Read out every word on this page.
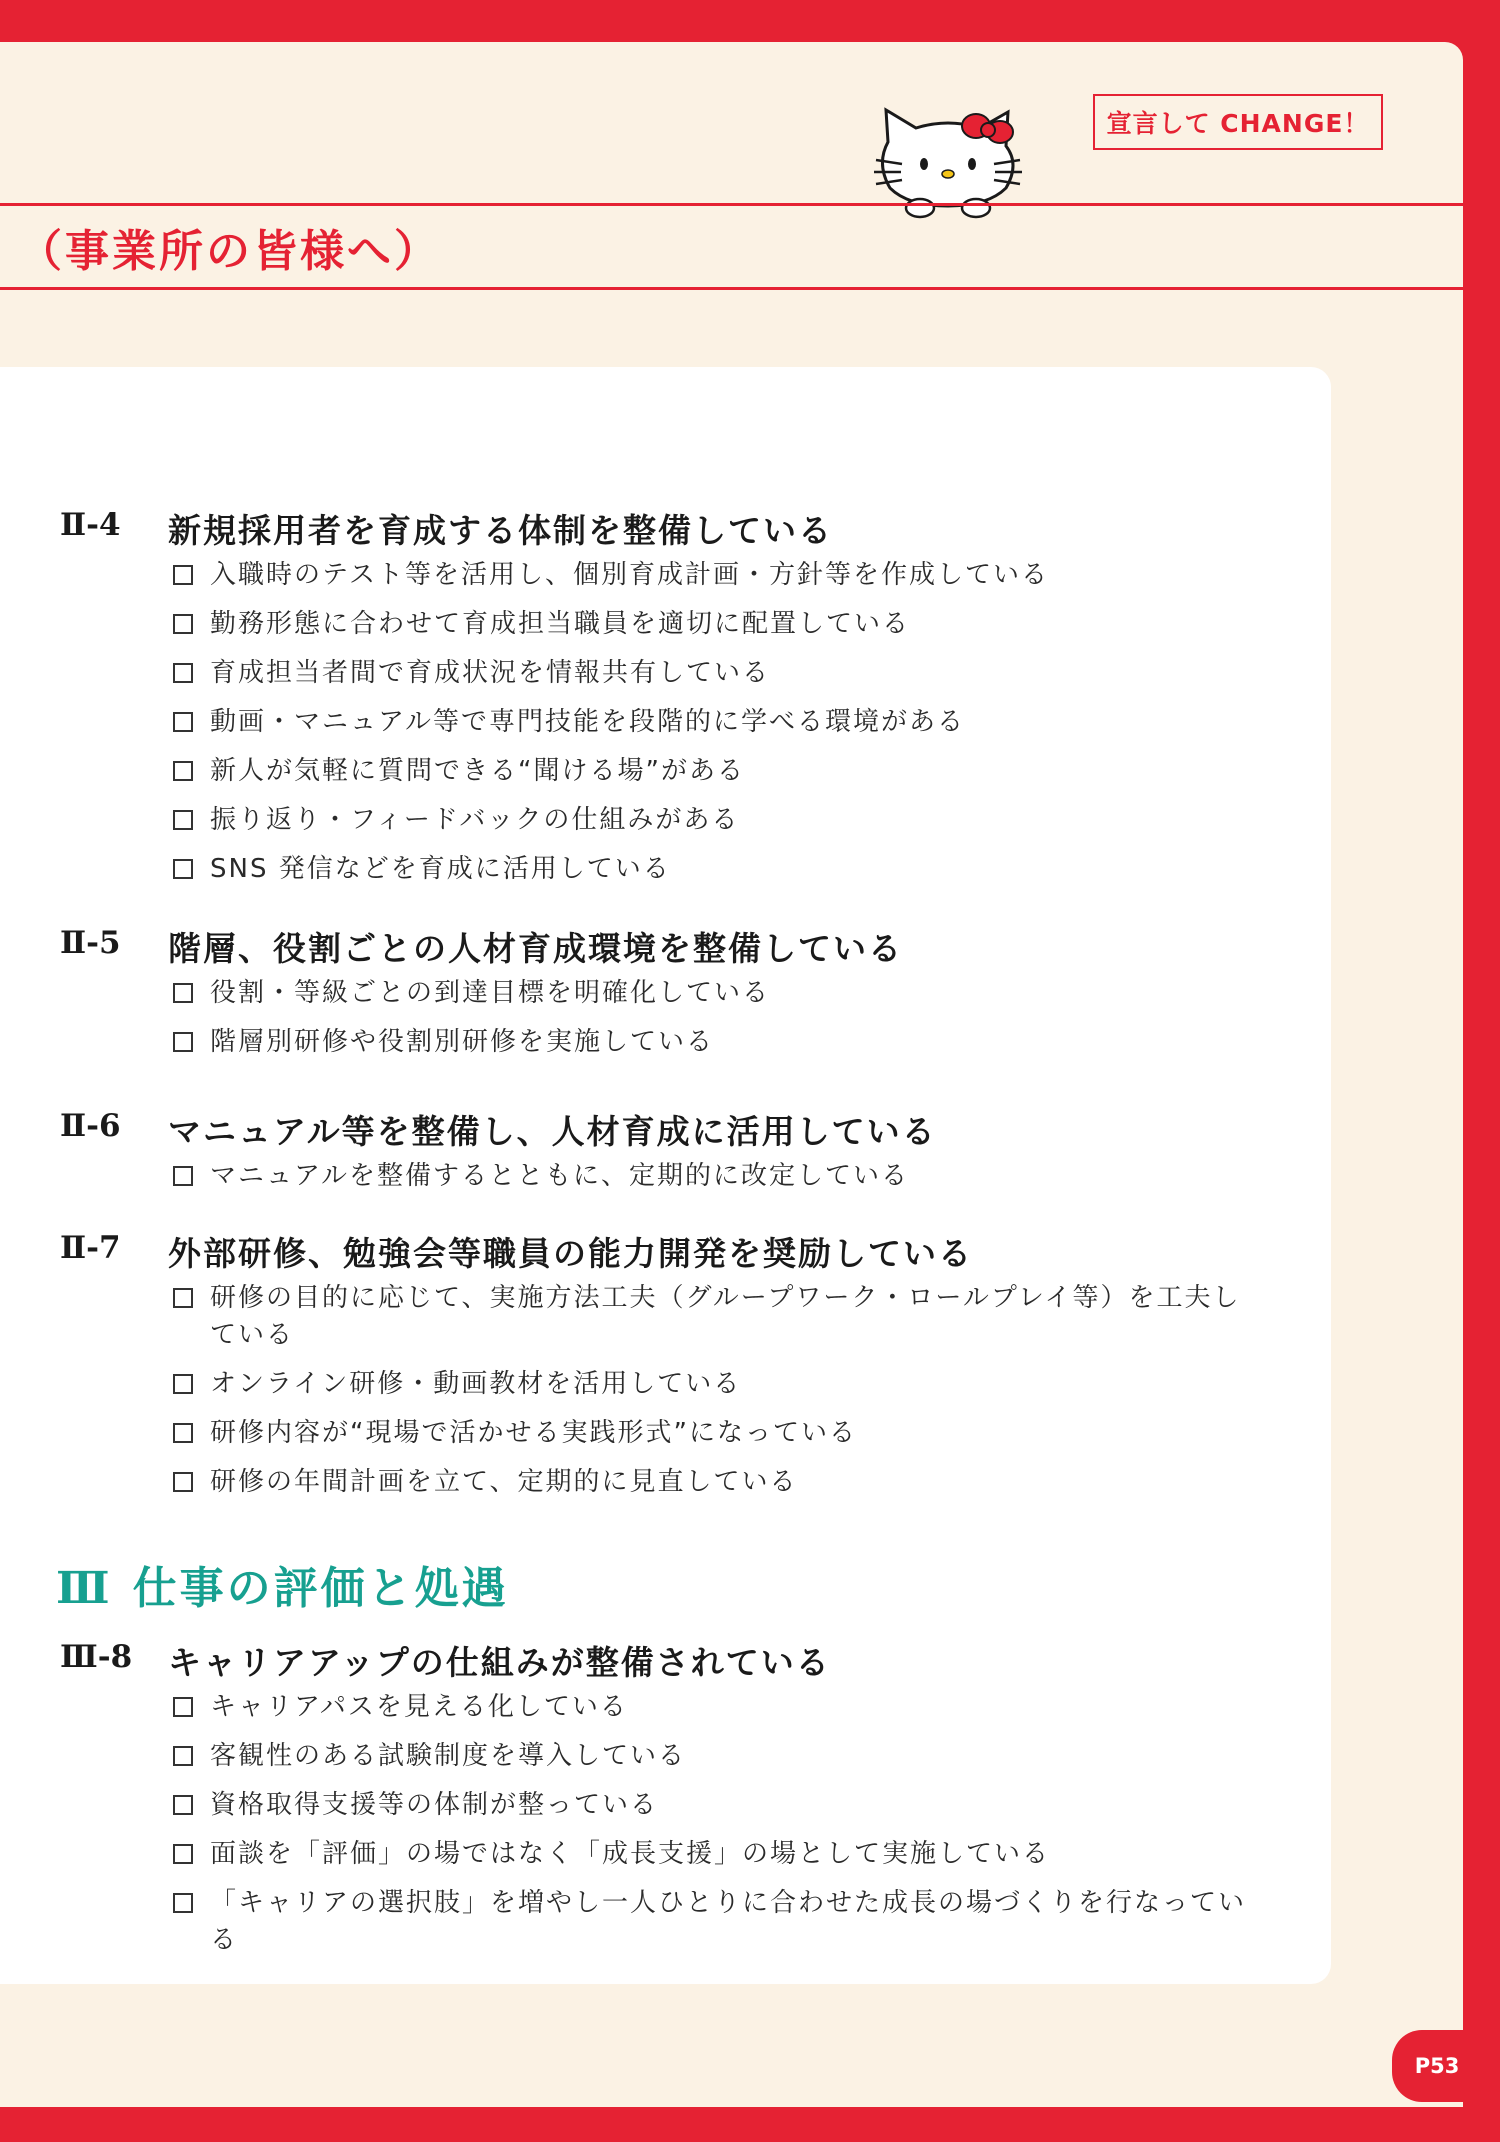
宣言して CHANGE！
（事業所の皆様へ）
Ⅱ-4 新規採用者を育成する体制を整備している
入職時のテスト等を活用し、個別育成計画・方針等を作成している
勤務形態に合わせて育成担当職員を適切に配置している
育成担当者間で育成状況を情報共有している
動画・マニュアル等で専門技能を段階的に学べる環境がある
新人が気軽に質問できる“聞ける場”がある
振り返り・フィードバックの仕組みがある
SNS 発信などを育成に活用している
Ⅱ-5 階層、役割ごとの人材育成環境を整備している
役割・等級ごとの到達目標を明確化している
階層別研修や役割別研修を実施している
Ⅱ-6 マニュアル等を整備し、人材育成に活用している
マニュアルを整備するとともに、定期的に改定している
Ⅱ-7 外部研修、勉強会等職員の能力開発を奨励している
研修の目的に応じて、実施方法工夫（グループワーク・ロールプレイ等）を工夫している
オンライン研修・動画教材を活用している
研修内容が“現場で活かせる実践形式”になっている
研修の年間計画を立て、定期的に見直している
Ⅲ 仕事の評価と処遇
Ⅲ-8 キャリアアップの仕組みが整備されている
キャリアパスを見える化している
客観性のある試験制度を導入している
資格取得支援等の体制が整っている
面談を「評価」の場ではなく「成長支援」の場として実施している
「キャリアの選択肢」を増やし一人ひとりに合わせた成長の場づくりを行なっている
P53
